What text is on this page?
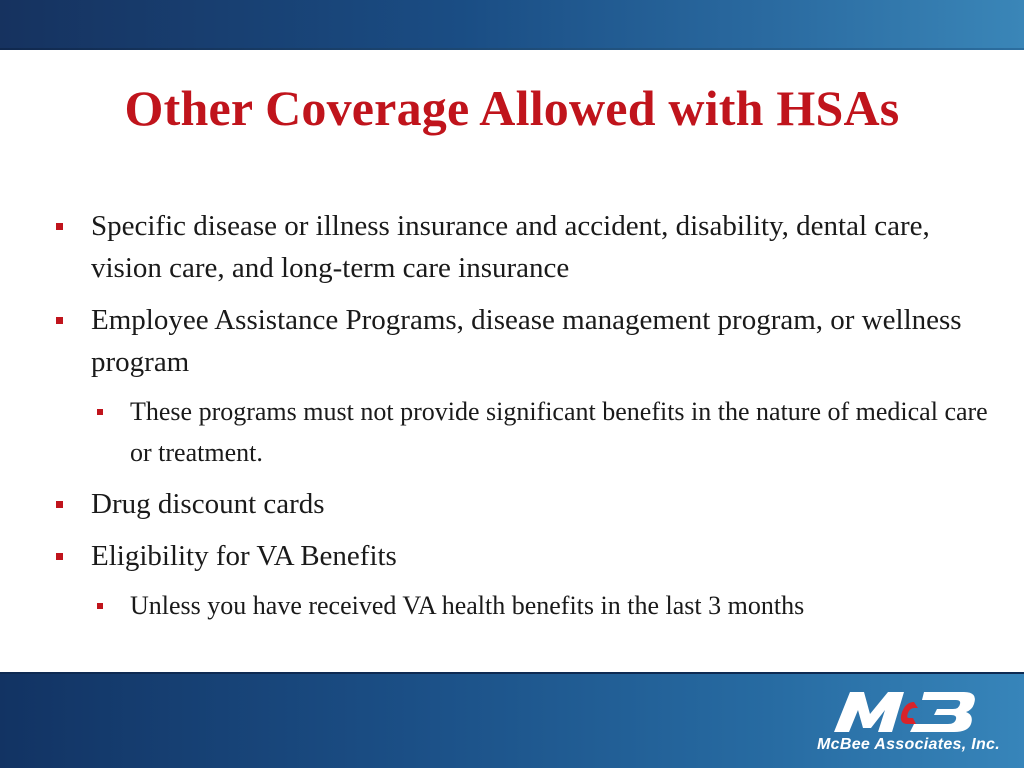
Other Coverage Allowed with HSAs
Specific disease or illness insurance and accident, disability, dental care, vision care, and long-term care insurance
Employee Assistance Programs, disease management program, or wellness program
These programs must not provide significant benefits in the nature of medical care or treatment.
Drug discount cards
Eligibility for VA Benefits
Unless you have received VA health benefits in the last 3 months
McBee Associates, Inc.
